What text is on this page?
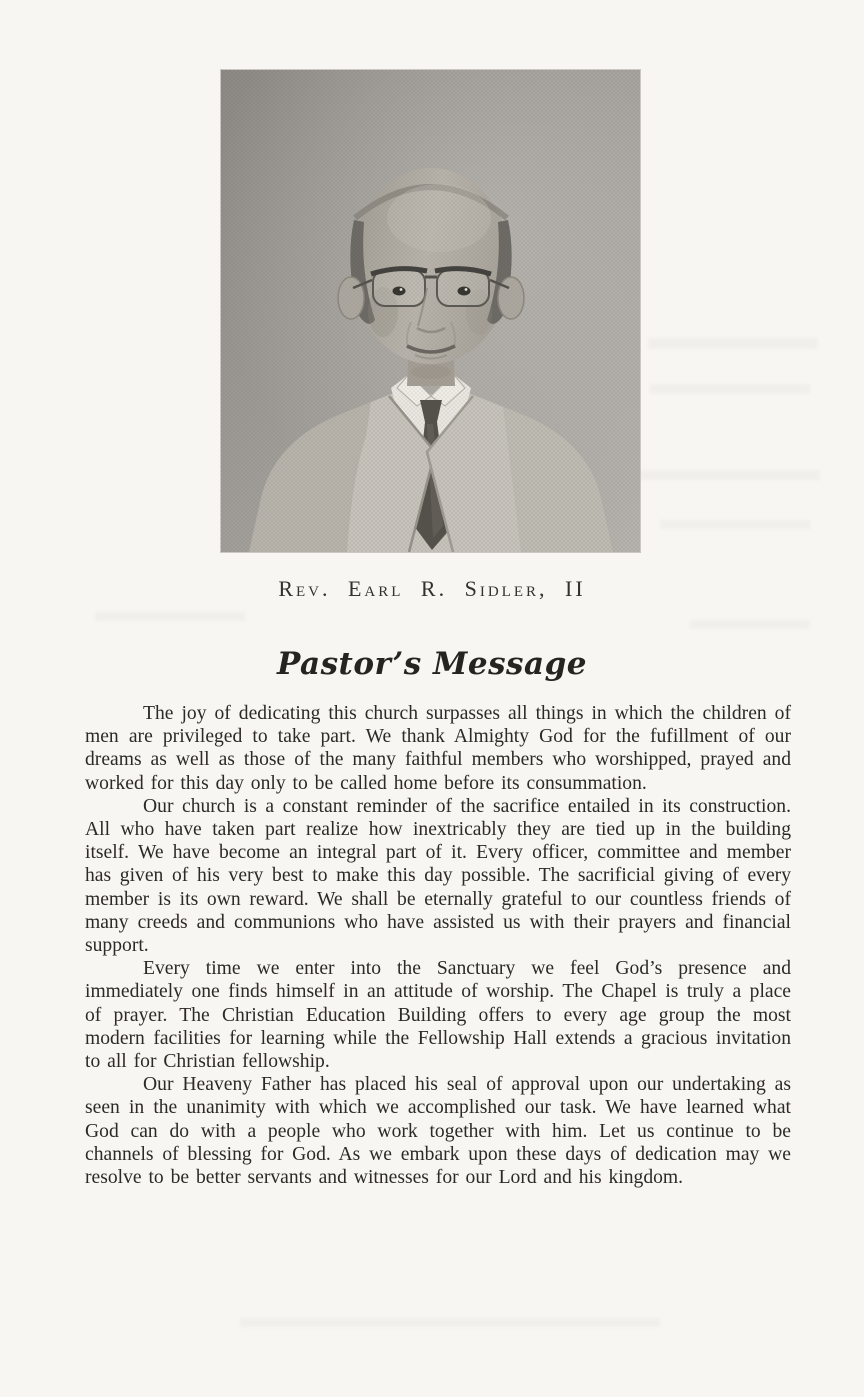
Rev. Earl R. Sidler, II
Pastor’s Message

The joy of dedicating this church surpasses all things in which the children of men are privileged to take part. We thank Almighty God for the fufillment of our dreams as well as those of the many faithful members who worshipped, prayed and worked for this day only to be called home before its consummation.

Our church is a constant reminder of the sacrifice entailed in its construction. All who have taken part realize how inextricably they are tied up in the building itself. We have become an integral part of it. Every officer, committee and member has given of his very best to make this day possible. The sacrificial giving of every member is its own reward. We shall be eternally grateful to our countless friends of many creeds and communions who have assisted us with their prayers and financial support.

Every time we enter into the Sanctuary we feel God’s presence and immediately one finds himself in an attitude of worship. The Chapel is truly a place of prayer. The Christian Education Building offers to every age group the most modern facilities for learning while the Fellowship Hall extends a gracious invitation to all for Christian fellowship.

Our Heaveny Father has placed his seal of approval upon our undertaking as seen in the unanimity with which we accomplished our task. We have learned what God can do with a people who work together with him. Let us continue to be channels of blessing for God. As we embark upon these days of dedication may we resolve to be better servants and witnesses for our Lord and his kingdom.
